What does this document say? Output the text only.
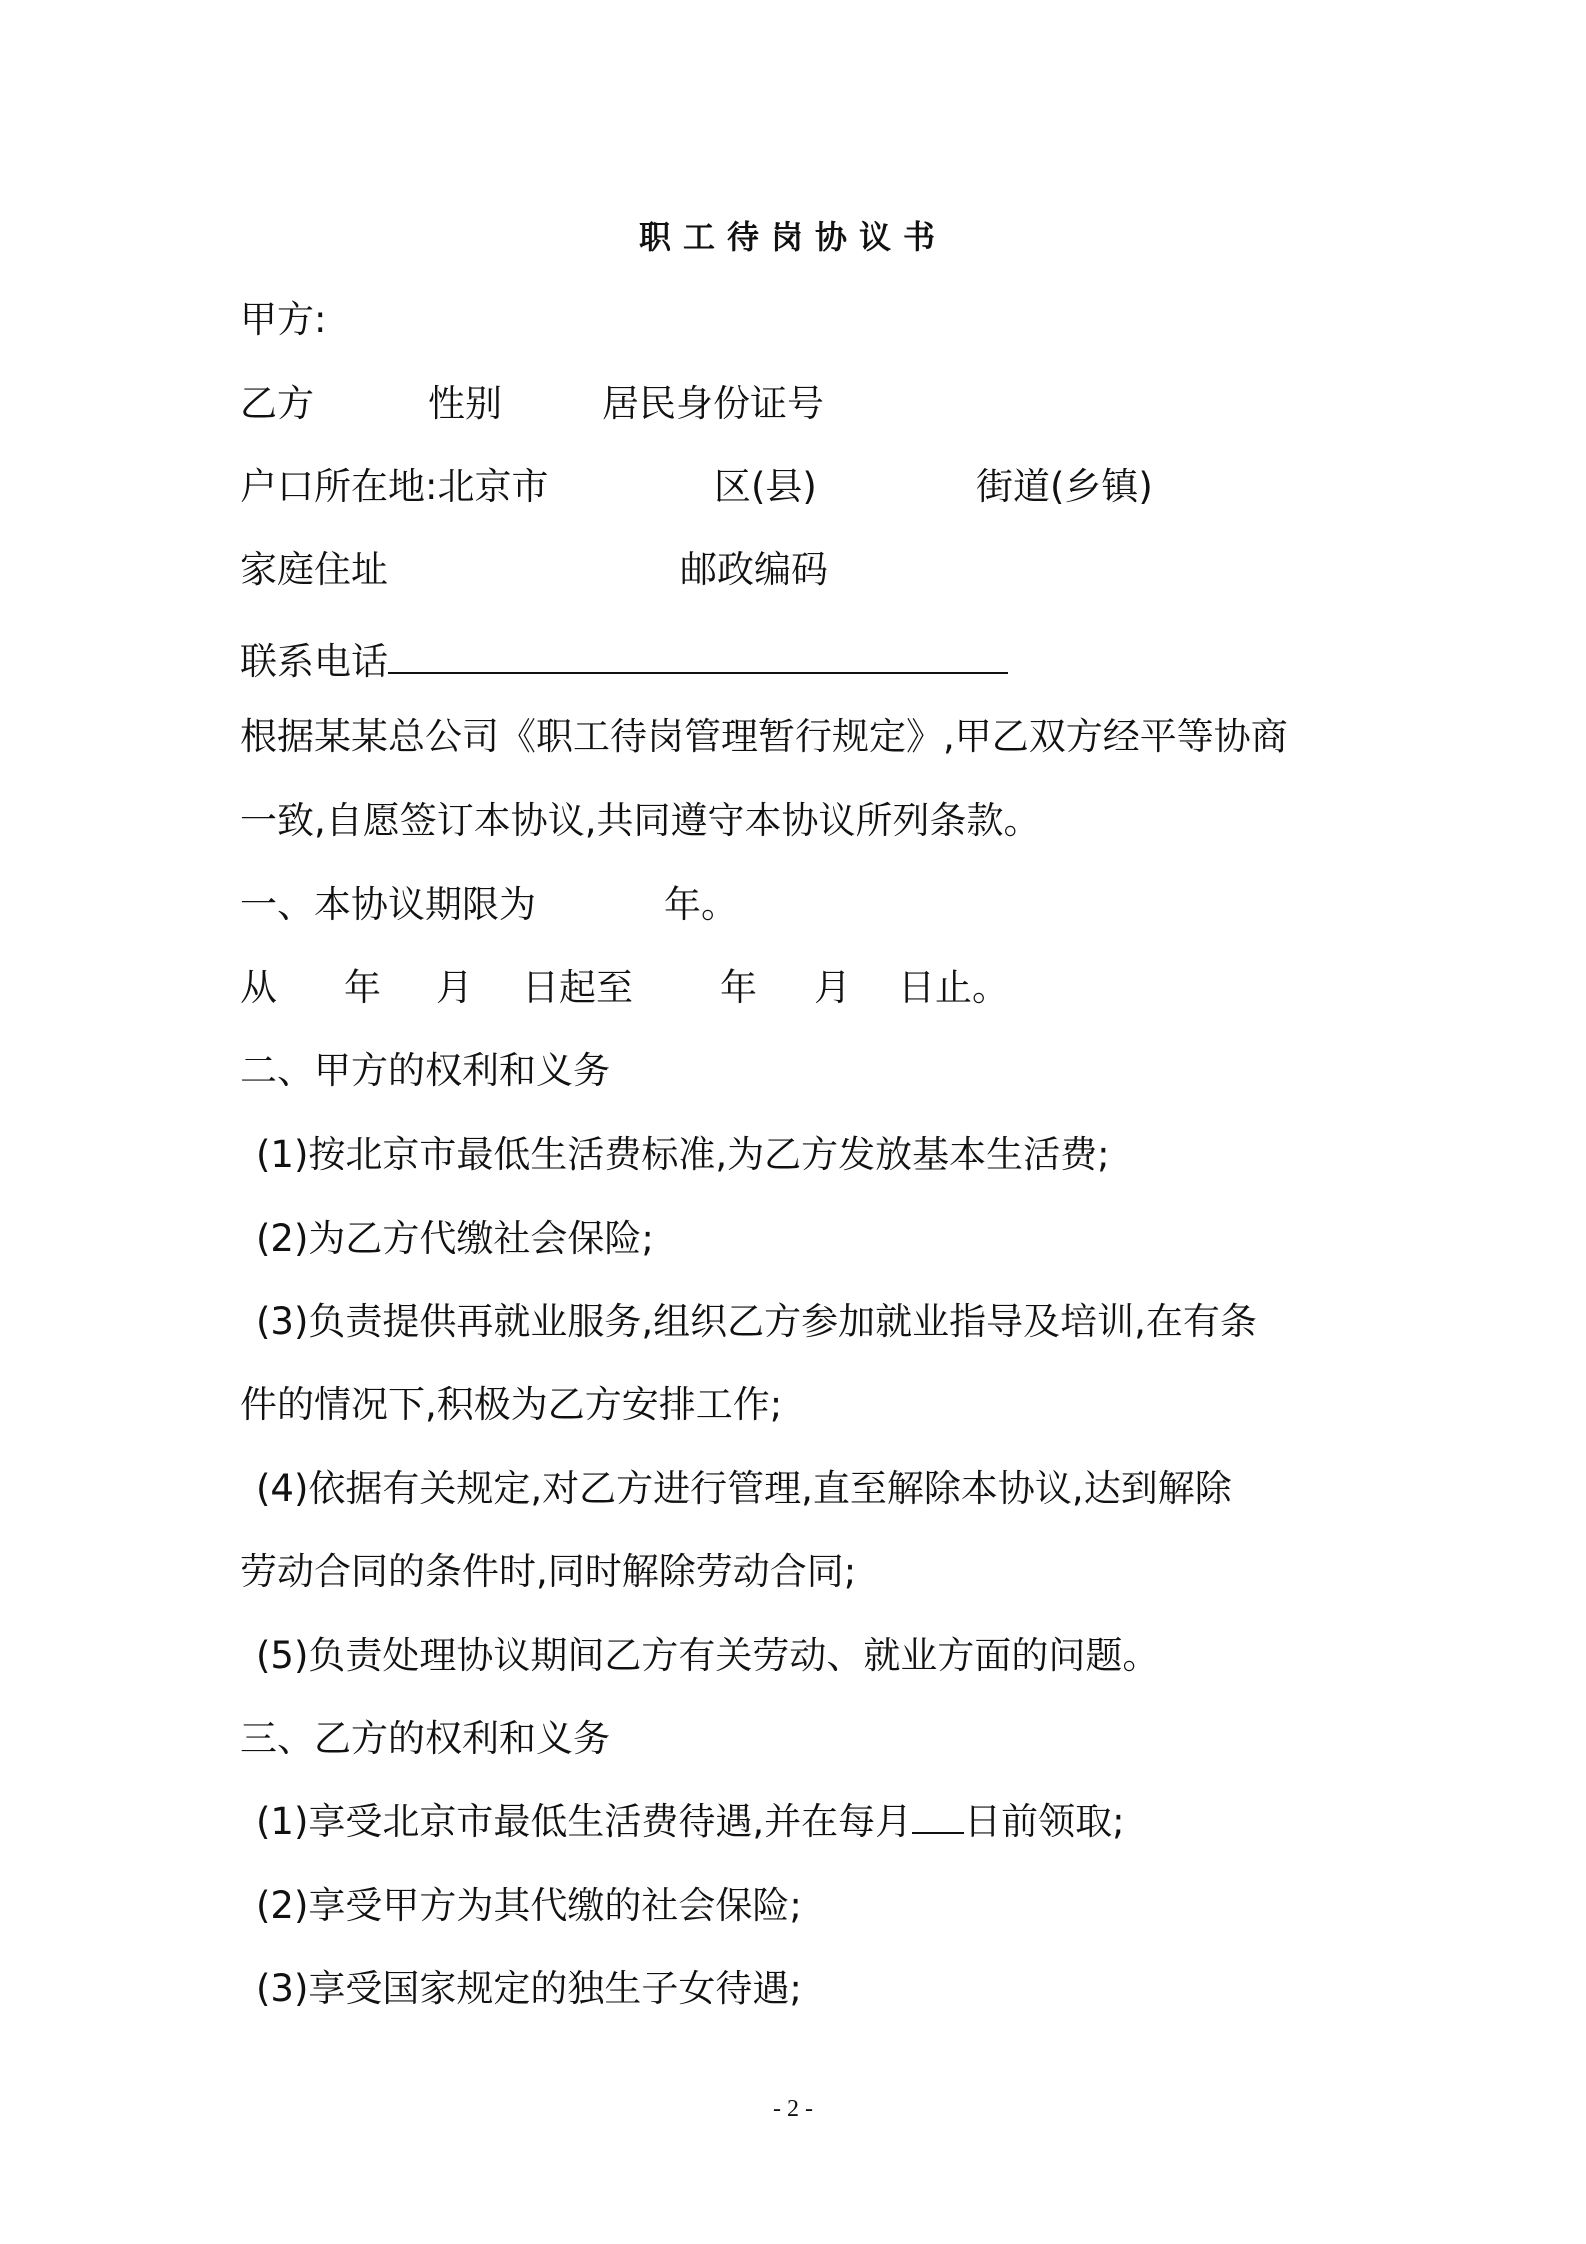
职工待岗协议书
甲方:
乙方	性别	居民身份证号
户口所在地:北京市	区(县)	街道(乡镇)
家庭住址	邮政编码
联系电话
根据某某总公司《职工待岗管理暂行规定》,甲乙双方经平等协商
一致,自愿签订本协议,共同遵守本协议所列条款。
一、本协议期限为	年。
从 年 月 日起至 年 月 日止。
二、甲方的权利和义务
(1)按北京市最低生活费标准,为乙方发放基本生活费;
(2)为乙方代缴社会保险;
(3)负责提供再就业服务,组织乙方参加就业指导及培训,在有条
件的情况下,积极为乙方安排工作;
(4)依据有关规定,对乙方进行管理,直至解除本协议,达到解除
劳动合同的条件时,同时解除劳动合同;
(5)负责处理协议期间乙方有关劳动、就业方面的问题。
三、乙方的权利和义务
(1)享受北京市最低生活费待遇,并在每月 日前领取;
(2)享受甲方为其代缴的社会保险;
(3)享受国家规定的独生子女待遇;
- 2 -
